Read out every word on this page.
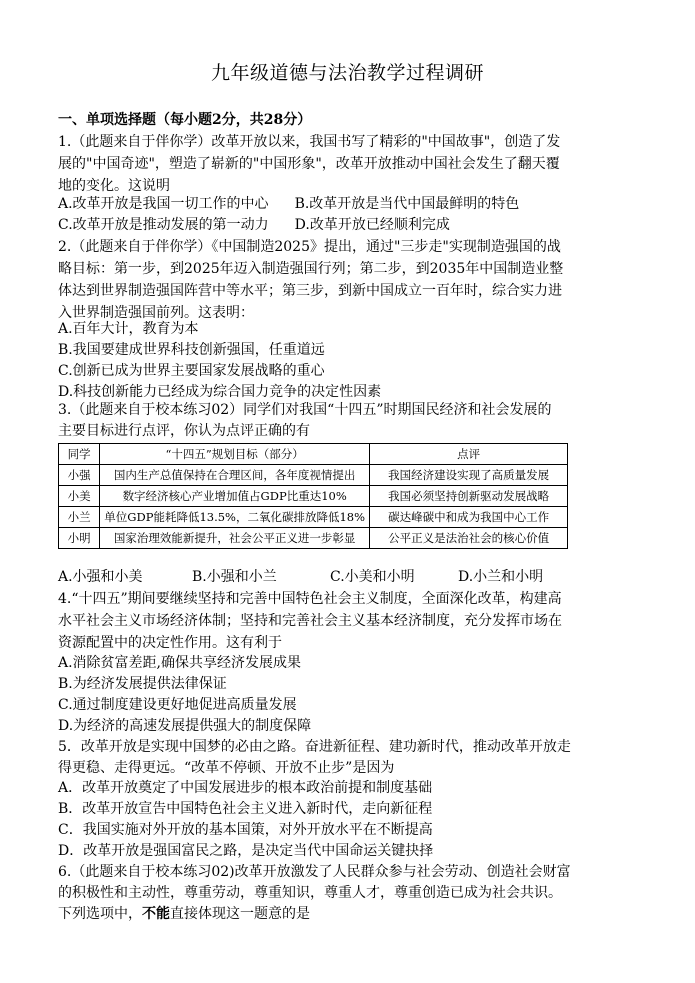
九年级道德与法治教学过程调研
一、单项选择题（每小题2分，共28分）
1.（此题来自于伴你学）改革开放以来，我国书写了精彩的"中国故事"，创造了发
展的"中国奇迹"，塑造了崭新的"中国形象"，改革开放推动中国社会发生了翻天覆
地的变化。这说明
A.改革开放是我国一切工作的中心 B.改革开放是当代中国最鲜明的特色
C.改革开放是推动发展的第一动力 D.改革开放已经顺利完成
2.（此题来自于伴你学）《中国制造2025》提出，通过"三步走"实现制造强国的战
略目标：第一步，到2025年迈入制造强国行列；第二步，到2035年中国制造业整
体达到世界制造强国阵营中等水平；第三步，到新中国成立一百年时，综合实力进
入世界制造强国前列。这表明：
A.百年大计，教育为本
B.我国要建成世界科技创新强国，任重道远
C.创新已成为世界主要国家发展战略的重心
D.科技创新能力已经成为综合国力竞争的决定性因素
3.（此题来自于校本练习02）同学们对我国“十四五”时期国民经济和社会发展的
主要目标进行点评，你认为点评正确的有
同学	“十四五”规划目标（部分）	点评
小强	国内生产总值保持在合理区间，各年度视情提出	我国经济建设实现了高质量发展
小美	数字经济核心产业增加值占GDP比重达10%	我国必须坚持创新驱动发展战略
小兰	单位GDP能耗降低13.5%，二氧化碳排放降低18%	碳达峰碳中和成为我国中心工作
小明	国家治理效能新提升，社会公平正义进一步彰显	公平正义是法治社会的核心价值
A.小强和小美	B.小强和小兰	C.小美和小明	D.小兰和小明
4.“十四五”期间要继续坚持和完善中国特色社会主义制度，全面深化改革，构建高
水平社会主义市场经济体制；坚持和完善社会主义基本经济制度，充分发挥市场在
资源配置中的决定性作用。这有利于
A.消除贫富差距,确保共享经济发展成果
B.为经济发展提供法律保证
C.通过制度建设更好地促进高质量发展
D.为经济的高速发展提供强大的制度保障
5．改革开放是实现中国梦的必由之路。奋进新征程、建功新时代，推动改革开放走
得更稳、走得更远。“改革不停顿、开放不止步”是因为
A．改革开放奠定了中国发展进步的根本政治前提和制度基础
B．改革开放宣告中国特色社会主义进入新时代，走向新征程
C．我国实施对外开放的基本国策，对外开放水平在不断提高
D．改革开放是强国富民之路，是决定当代中国命运关键抉择
6.（此题来自于校本练习02)改革开放激发了人民群众参与社会劳动、创造社会财富
的积极性和主动性，尊重劳动，尊重知识，尊重人才，尊重创造已成为社会共识。
下列选项中，不能直接体现这一题意的是
